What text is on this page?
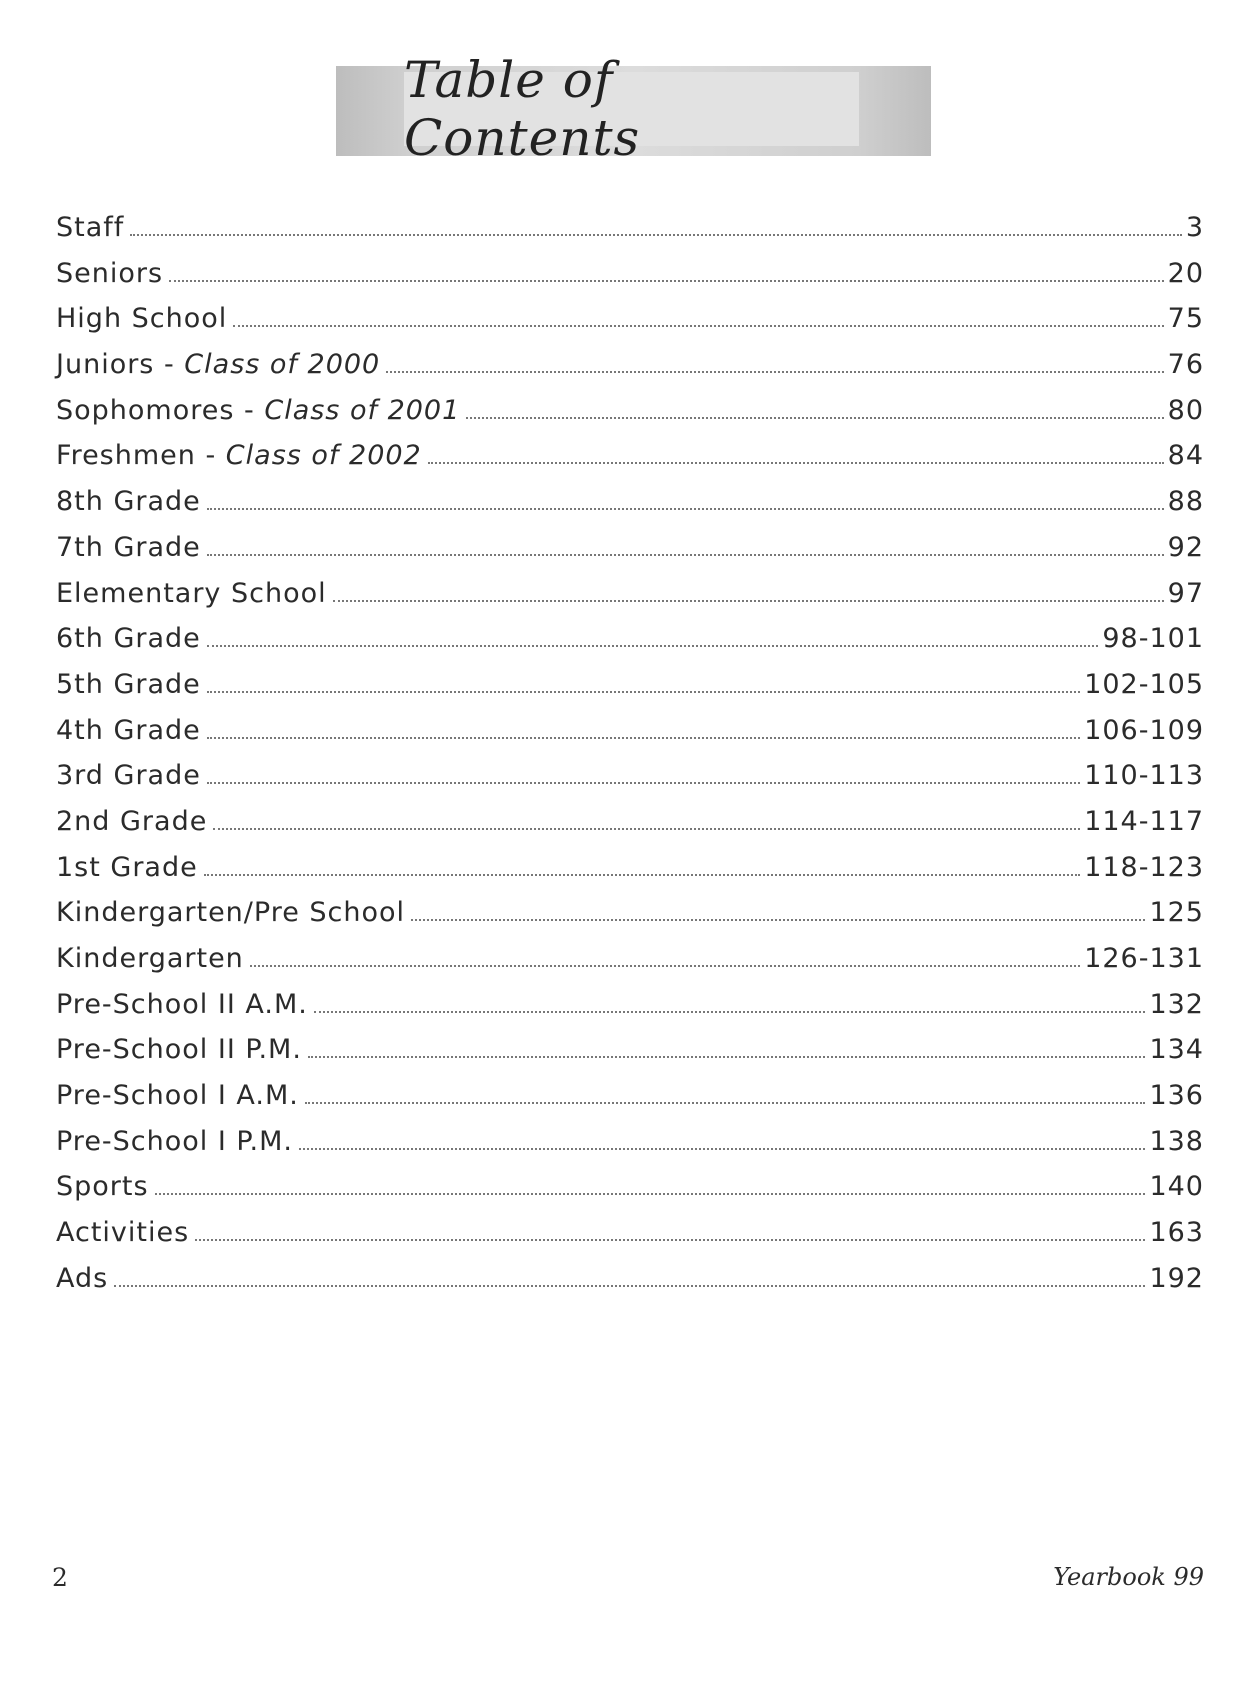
Table of Contents
Staff	3
Seniors	20
High School	75
Juniors - Class of 2000	76
Sophomores - Class of 2001	80
Freshmen - Class of 2002	84
8th Grade	88
7th Grade	92
Elementary School	97
6th Grade	98-101
5th Grade	102-105
4th Grade	106-109
3rd Grade	110-113
2nd Grade	114-117
1st Grade	118-123
Kindergarten/Pre School	125
Kindergarten	126-131
Pre-School II A.M.	132
Pre-School II P.M.	134
Pre-School I A.M.	136
Pre-School I P.M.	138
Sports	140
Activities	163
Ads	192
2	Yearbook 99
